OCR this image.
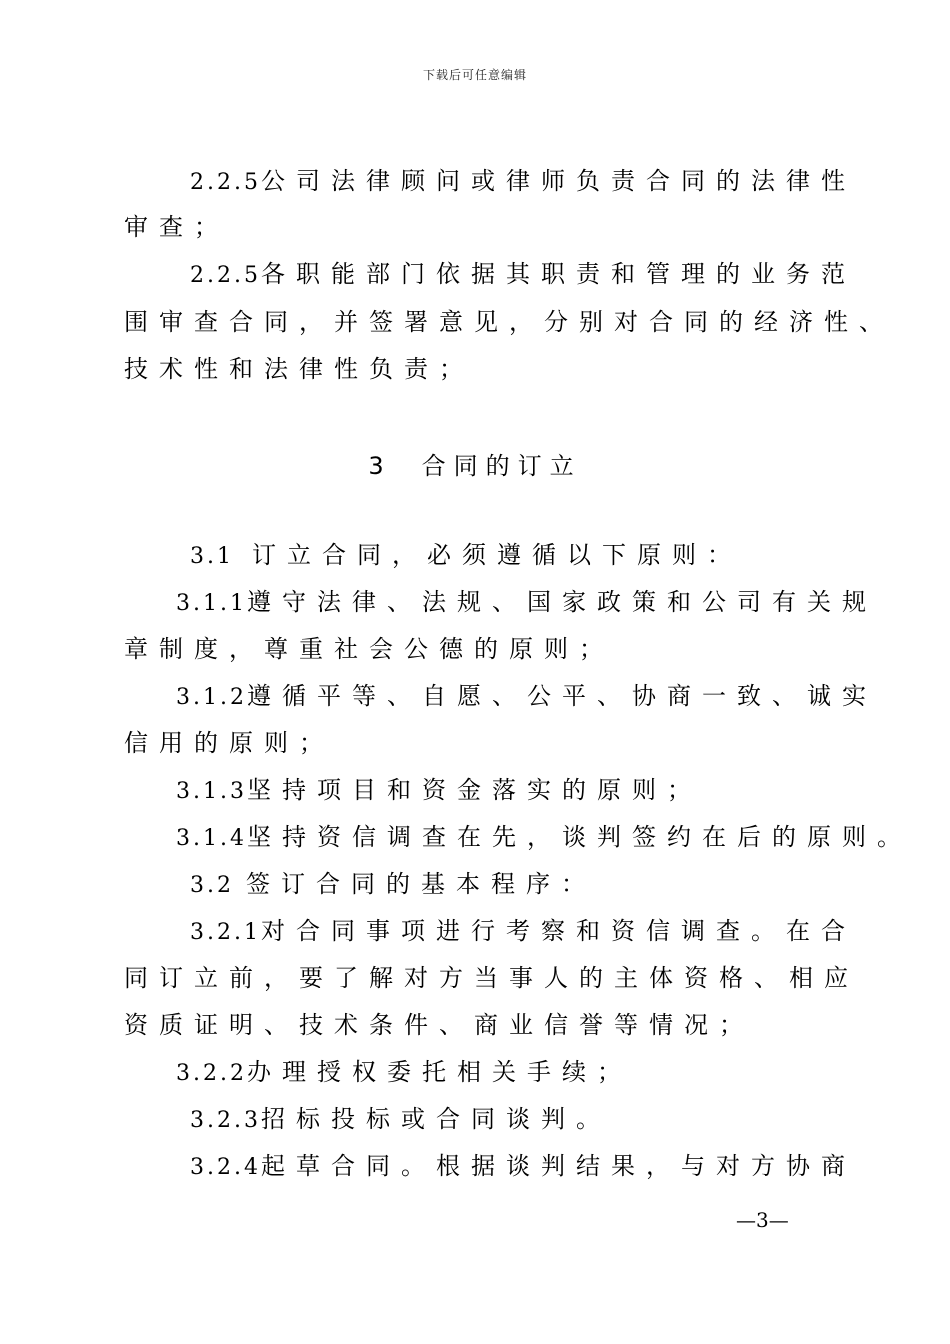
下载后可任意编辑
2.2.5公司法律顾问或律师负责合同的法律性
审查；
2.2.5各职能部门依据其职责和管理的业务范
围审查合同，并签署意见，分别对合同的经济性、
技术性和法律性负责；
3 合同的订立
3.1 订立合同，必须遵循以下原则：
3.1.1遵守法律、法规、国家政策和公司有关规
章制度，尊重社会公德的原则；
3.1.2遵循平等、自愿、公平、协商一致、诚实
信用的原则；
3.1.3坚持项目和资金落实的原则；
3.1.4坚持资信调查在先，谈判签约在后的原则。
3.2 签订合同的基本程序：
3.2.1对合同事项进行考察和资信调查。在合
同订立前，要了解对方当事人的主体资格、相应
资质证明、技术条件、商业信誉等情况；
3.2.2办理授权委托相关手续；
3.2.3招标投标或合同谈判。
3.2.4起草合同。根据谈判结果，与对方协商
—3—
